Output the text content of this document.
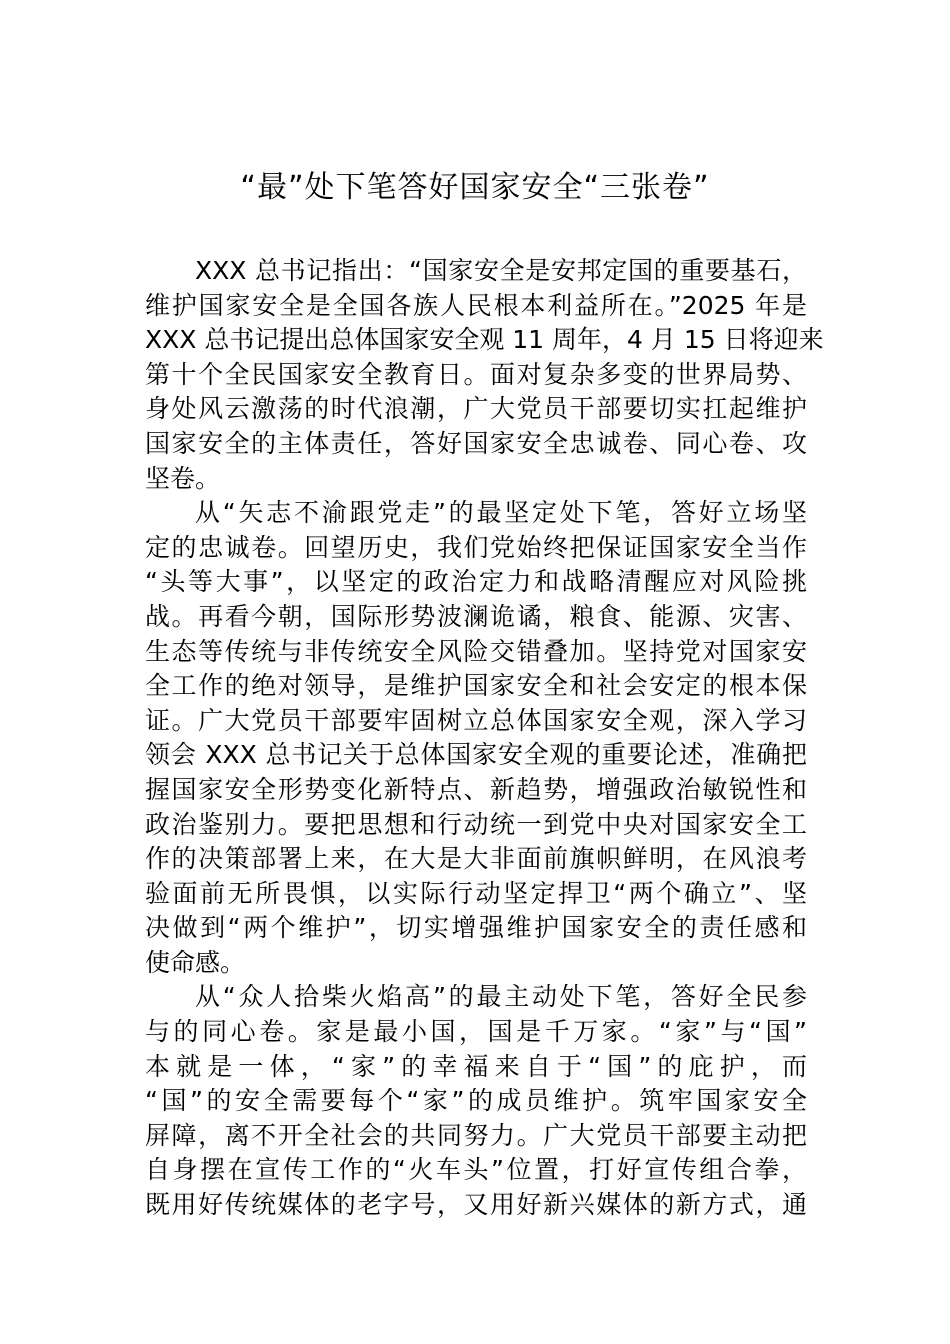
“最”处下笔答好国家安全“三张卷”
XXX 总书记指出：“国家安全是安邦定国的重要基石，
维护国家安全是全国各族人民根本利益所在。”2025 年是
XXX 总书记提出总体国家安全观 11 周年，4 月 15 日将迎来
第十个全民国家安全教育日。面对复杂多变的世界局势、
身处风云激荡的时代浪潮，广大党员干部要切实扛起维护
国家安全的主体责任，答好国家安全忠诚卷、同心卷、攻
坚卷。
从“矢志不渝跟党走”的最坚定处下笔，答好立场坚
定的忠诚卷。回望历史，我们党始终把保证国家安全当作
“头等大事”，以坚定的政治定力和战略清醒应对风险挑
战。再看今朝，国际形势波澜诡谲，粮食、能源、灾害、
生态等传统与非传统安全风险交错叠加。坚持党对国家安
全工作的绝对领导，是维护国家安全和社会安定的根本保
证。广大党员干部要牢固树立总体国家安全观，深入学习
领会 XXX 总书记关于总体国家安全观的重要论述，准确把
握国家安全形势变化新特点、新趋势，增强政治敏锐性和
政治鉴别力。要把思想和行动统一到党中央对国家安全工
作的决策部署上来，在大是大非面前旗帜鲜明，在风浪考
验面前无所畏惧，以实际行动坚定捍卫“两个确立”、坚
决做到“两个维护”，切实增强维护国家安全的责任感和
使命感。
从“众人拾柴火焰高”的最主动处下笔，答好全民参
与的同心卷。家是最小国，国是千万家。“家”与“国”
本就是一体，“家”的幸福来自于“国”的庇护，而
“国”的安全需要每个“家”的成员维护。筑牢国家安全
屏障，离不开全社会的共同努力。广大党员干部要主动把
自身摆在宣传工作的“火车头”位置，打好宣传组合拳，
既用好传统媒体的老字号，又用好新兴媒体的新方式，通
